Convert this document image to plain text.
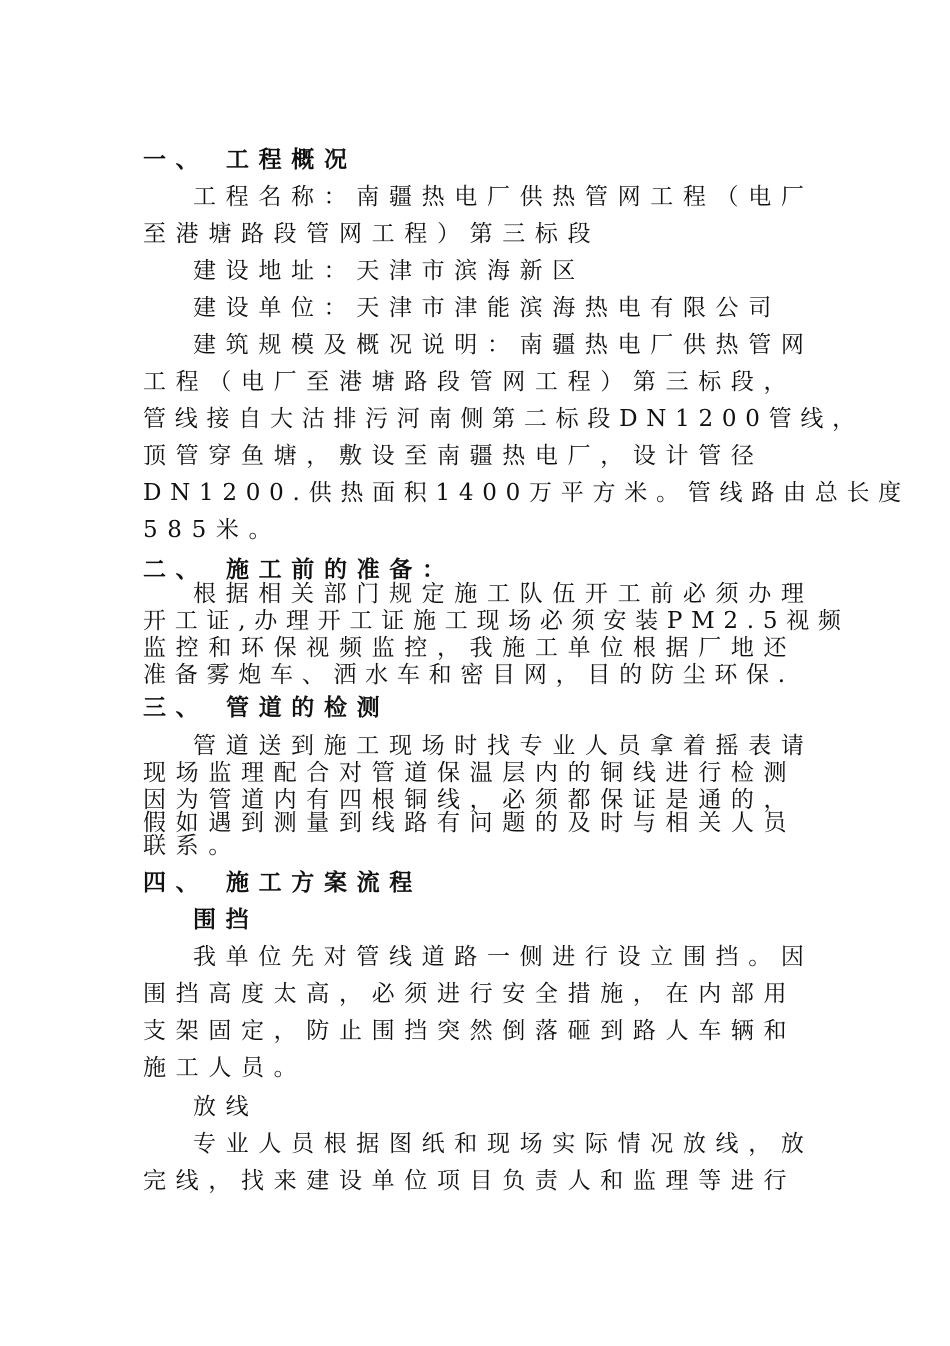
一、 工程概况
工程名称：南疆热电厂供热管网工程（电厂
至港塘路段管网工程）第三标段
建设地址：天津市滨海新区
建设单位：天津市津能滨海热电有限公司
建筑规模及概况说明：南疆热电厂供热管网
工程（电厂至港塘路段管网工程）第三标段，
管线接自大沽排污河南侧第二标段DN1200管线，
顶管穿鱼塘，敷设至南疆热电厂，设计管径
DN1200.供热面积1400万平方米。管线路由总长度
585米。
二、 施工前的准备：
根据相关部门规定施工队伍开工前必须办理
开工证,办理开工证施工现场必须安装PM2.5视频
监控和环保视频监控，我施工单位根据厂地还
准备雾炮车、洒水车和密目网，目的防尘环保.
三、 管道的检测
管道送到施工现场时找专业人员拿着摇表请
现场监理配合对管道保温层内的铜线进行检测
因为管道内有四根铜线，必须都保证是通的，
假如遇到测量到线路有问题的及时与相关人员
联系。
四、 施工方案流程
围挡
我单位先对管线道路一侧进行设立围挡。因
围挡高度太高，必须进行安全措施，在内部用
支架固定，防止围挡突然倒落砸到路人车辆和
施工人员。
放线
专业人员根据图纸和现场实际情况放线，放
完线，找来建设单位项目负责人和监理等进行
